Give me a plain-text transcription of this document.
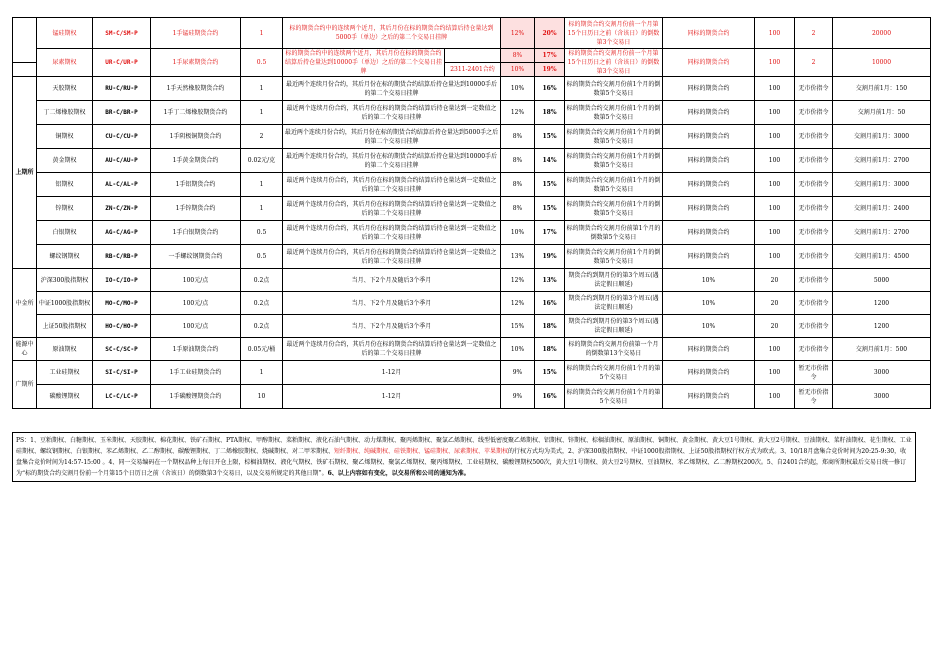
	锰硅期权	SM-C/SM-P	1手锰硅期货合约	1	标的期货合约中的连续两个近月，其后月份在标的期货合约结算后持仓量达到5000手（单边）之后的第二个交易日挂牌		12%	20%	标的期货合约交割月份前一个月第15个日历日之前（含该日）的倒数第3个交易日	同标的期货合约	100	2	20000
	尿素期权	UR-C/UR-P	1手尿素期货合约	0.5	标的期货合约中的连续两个近月，其后月份在标的期货合约结算后持仓量达到10000手（单边）之后的第二个交易日挂牌		8%	17%	标的期货合约交割月份前一个月第15个日历日之前（含该日）的倒数第3个交易日	同标的期货合约	100	2	10000
						2311-2401合约	10%	19%					
上期所	天胶期权	RU-C/RU-P	1手天然橡胶期货合约	1	最近两个连续月份合约，其后月份在标的期货合约结算后持仓量达到10000手后的第二个交易日挂牌		10%	16%	标的期货合约交割月份前1个月的倒数第5个交易日	同标的期货合约	100	无市价指令	交割月前1月：150
	丁二烯橡胶期权	BR-C/BR-P	1手丁二烯橡胶期货合约	1	最近两个连续月份合约，其后月份在标的期货合约结算后持仓量达到一定数值之后的第二个交易日挂牌		12%	18%	标的期货合约交割月份前1个月的倒数第5个交易日	同标的期货合约	100	无市价指令	交割月前1月：50
	铜期权	CU-C/CU-P	1手阴极铜期货合约	2	最近两个连续月份合约，其后月份在标的期货合约结算后持仓量达到5000手之后的第二个交易日挂牌		8%	15%	标的期货合约交割月份前1个月的倒数第5个交易日	同标的期货合约	100	无市价指令	交割月前1月：3000
	黄金期权	AU-C/AU-P	1手黄金期货合约	0.02元/克	最近两个连续月份合约，其后月份在标的期货合约结算后持仓量达到10000手后的第二个交易日挂牌		8%	14%	标的期货合约交割月份前1个月的倒数第5个交易日	同标的期货合约	100	无市价指令	交割月前1月：2700
	铝期权	AL-C/AL-P	1手铝期货合约	1	最近两个连续月份合约，其后月份在标的期货合约结算后持仓量达到一定数值之后的第二个交易日挂牌		8%	15%	标的期货合约交割月份前1个月的倒数第5个交易日	同标的期货合约	100	无市价指令	交割月前1月：3000
	锌期权	ZN-C/ZN-P	1手锌期货合约	1	最近两个连续月份合约，其后月份在标的期货合约结算后持仓量达到一定数值之后的第二个交易日挂牌		8%	15%	标的期货合约交割月份前1个月的倒数第5个交易日	同标的期货合约	100	无市价指令	交割月前1月：2400
	白银期权	AG-C/AG-P	1手白银期货合约	0.5	最近两个连续月份合约，其后月份在标的期货合约结算后持仓量达到一定数值之后的第二个交易日挂牌		10%	17%	标的期货合约交割月份前第1个月的倒数第5个交易日	同标的期货合约	100	无市价指令	交割月前1月：2700
	螺纹钢期权	RB-C/RB-P	一手螺纹钢期货合约	0.5	最近两个连续月份合约，其后月份在标的期货合约结算后持仓量达到一定数值之后的第二个交易日挂牌		13%	19%	标的期货合约交割月份前1个月的倒数第5个交易日	同标的期货合约	100	无市价指令	交割月前1月：4500
中金所	沪深300股指期权	IO-C/IO-P	100元/点	0.2点	当月、下2个月及随后3个季月		12%	13%	期货合约到期月份的第3个周五(遇法定假日顺延)	10%	20	无市价指令	5000
	中证1000股指期权	MO-C/MO-P	100元/点	0.2点	当月、下2个月及随后3个季月		12%	16%	期货合约到期月份的第3个周五(遇法定假日顺延)	10%	20	无市价指令	1200
	上证50股指期权	HO-C/HO-P	100元/点	0.2点	当月、下2个月及随后3个季月		15%	18%	期货合约到期月份的第3个周五(遇法定假日顺延)	10%	20	无市价指令	1200
能源中心	原油期权	SC-C/SC-P	1手原油期货合约	0.05元/桶	最近两个连续月份合约，其后月份在标的期货合约结算后持仓量达到一定数值之后的第二个交易日挂牌		10%	18%	标的期货合约交割月份前第一个月的倒数第13个交易日	同标的期货合约	100	无市价指令	交割月前1月：500
广期所	工业硅期权	SI-C/SI-P	1手工业硅期货合约	1	1-12月		9%	15%	标的期货合约交割月份前1个月的第5个交易日	同标的期货合约	100	暂无市价指令	3000
	碳酸锂期权	LC-C/LC-P	1手碳酸锂期货合约	10	1-12月		9%	16%	标的期货合约交割月份前1个月的第5个交易日	同标的期货合约	100	暂无市价指令	3000
PS：1、豆粕期权、白糖期权、玉米期权、天胶期权、棉花期权、铁矿石期权、PTA期权、甲醇期权、菜粕期权、液化石油气期权、动力煤期权、聚丙烯期权、聚氯乙烯期权、线型低密度聚乙烯期权、铝期权、锌期权、棕榈油期权、原油期权、铜期权、黄金期权、黄大豆1号期权、黄大豆2号期权、豆油期权、菜籽油期权、花生期权、工业硅期权、螺纹钢期权、白银期权、苯乙烯期权、乙二醇期权、碳酸锂期权、丁二烯橡胶期权、烧碱期权、对二甲苯期权、短纤期权、纯碱期权、硅铁期权、锰硅期权、尿素期权、苹果期权的行权方式均为美式，2、沪深300股指期权、中证1000股指期权、上证50股指期权行权方式为欧式。3、10/18月盘集合竞价时间为20:25-9:30，收盘集合竞价时间为14:57-15:00 。4、同一交易编码在一个期权品种上每日开仓上限，棕榈油期权、液化气期权、铁矿石期权、聚乙烯期权、聚氯乙烯期权、聚丙烯期权、工业硅期权、碳酸锂期权500次，黄大豆1号期权、黄大豆2号期权、豆油期权、苯乙烯期权、乙二醇期权200次。5、自2401合约起，郑商所期权最后交易日统一修订为“标的期货合约交割月份前一个月第15个日历日之前（含该日）的倒数第3个交易日，以及交易所规定的其他日期”。6、以上内容如有变化，以交易所和公司的通知为准。
